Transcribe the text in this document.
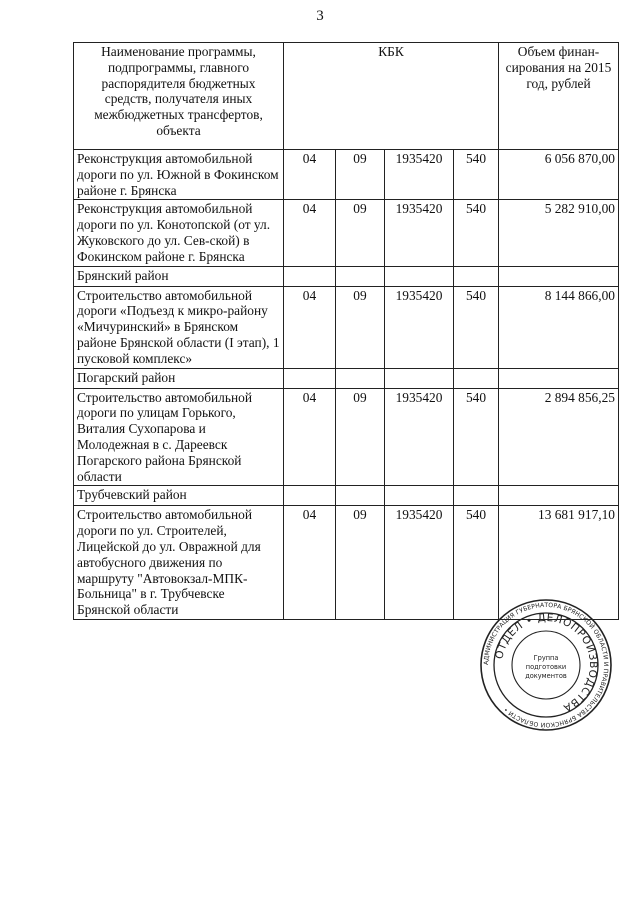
3
Наименование программы, подпрограммы, главного распорядителя бюджетных средств, получателя иных межбюджетных трансфертов, объекта	КБК				Объем финан-сирования на 2015 год, рублей
Реконструкция автомобильной дороги по ул. Южной в Фокинском районе г. Брянска	04	09	1935420	540	6 056 870,00
Реконструкция автомобильной дороги по ул. Конотопской (от ул. Жуковского до ул. Сев-ской) в Фокинском районе г. Брянска	04	09	1935420	540	5 282 910,00
Брянский район					
Строительство автомобильной дороги «Подъезд к микро-району «Мичуринский» в Брянском районе Брянской области (I этап), 1 пусковой комплекс»	04	09	1935420	540	8 144 866,00
Погарский район					
Строительство автомобильной дороги по улицам Горького, Виталия Сухопарова и Молодежная в с. Дареевск Погарского района Брянской области	04	09	1935420	540	2 894 856,25
Трубчевский район					
Строительство автомобильной дороги по ул. Строителей, Лицейской до ул. Овражной для автобусного движения по маршруту "Автовокзал-МПК-Больница" в г. Трубчевске Брянской области	04	09	1935420	540	13 681 917,10
АДМИНИСТРАЦИЯ ГУБЕРНАТОРА БРЯНСКОЙ ОБЛАСТИ И ПРАВИТЕЛЬСТВА БРЯНСКОЙ ОБЛАСТИ •
ОТДЕЛ • ДЕЛОПРОИЗВОДСТВА
Группа
подготовки
документов
